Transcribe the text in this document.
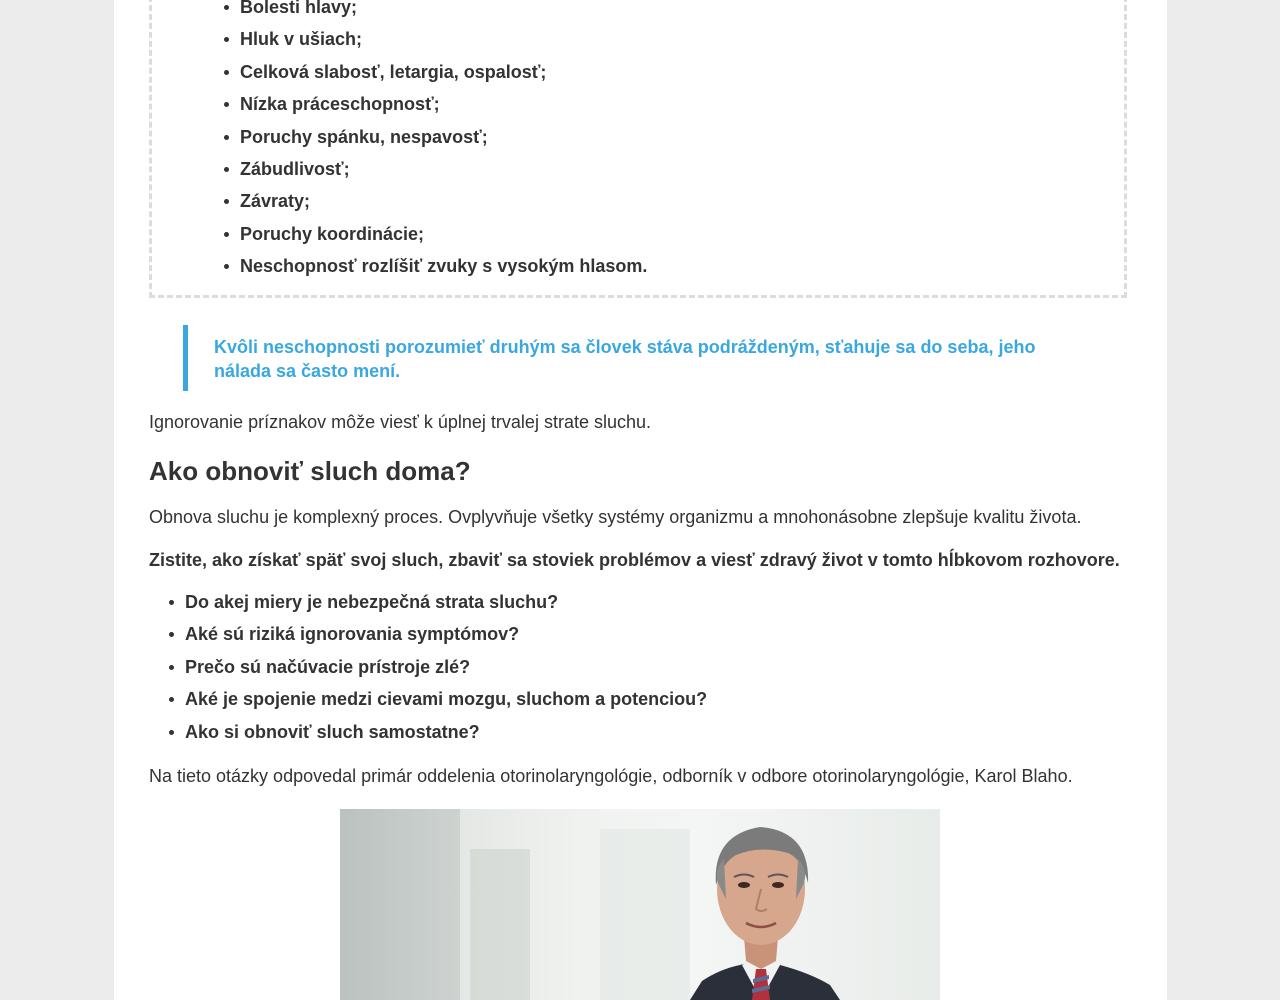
Bolesti hlavy;
Hluk v ušiach;
Celková slabosť, letargia, ospalosť;
Nízka práceschopnosť;
Poruchy spánku, nespavosť;
Zábudlivosť;
Závraty;
Poruchy koordinácie;
Neschopnosť rozlíšiť zvuky s vysokým hlasom.
Kvôli neschopnosti porozumieť druhým sa človek stáva podráždeným, sťahuje sa do seba, jeho nálada sa často mení.

Ignorovanie príznakov môže viesť k úplnej trvalej strate sluchu.

Ako obnoviť sluch doma?

Obnova sluchu je komplexný proces. Ovplyvňuje všetky systémy organizmu a mnohonásobne zlepšuje kvalitu života.

Zistite, ako získať späť svoj sluch, zbaviť sa stoviek problémov a viesť zdravý život v tomto hĺbkovom rozhovore.

Do akej miery je nebezpečná strata sluchu?
Aké sú riziká ignorovania symptómov?
Prečo sú načúvacie prístroje zlé?
Aké je spojenie medzi cievami mozgu, sluchom a potenciou?
Ako si obnoviť sluch samostatne?

Na tieto otázky odpovedal primár oddelenia otorinolaryngológie, odborník v odbore otorinolaryngológie, Karol Blaho.
